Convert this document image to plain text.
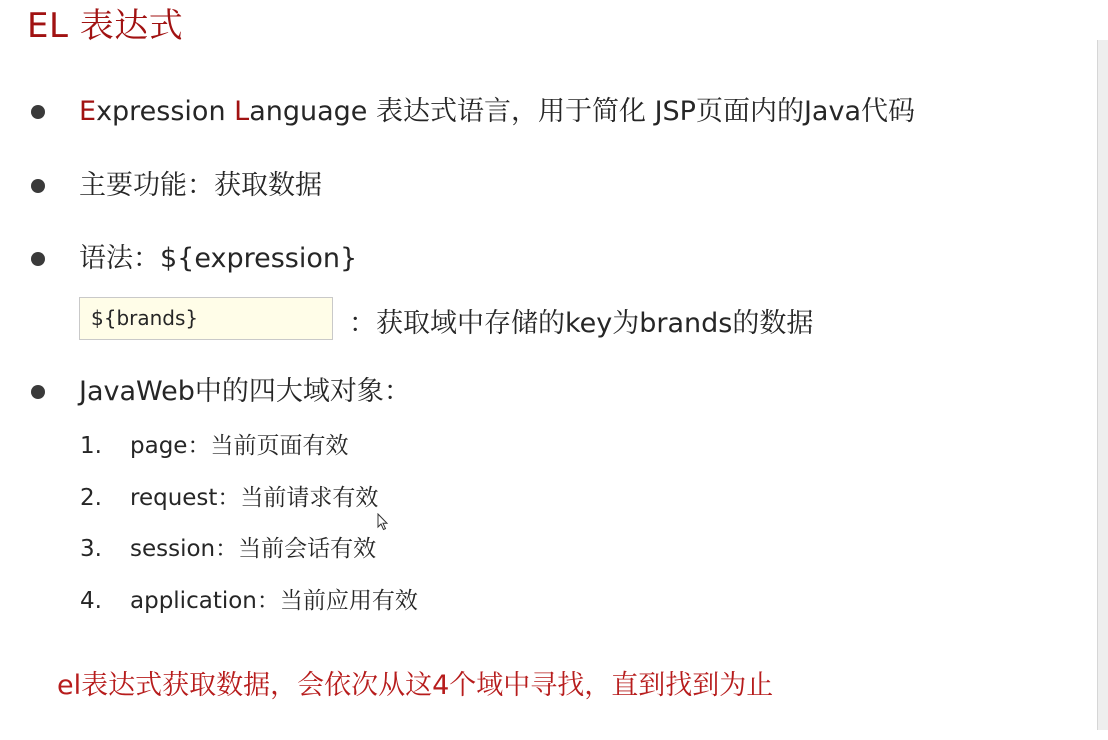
EL 表达式
Expression Language 表达式语言，用于简化 JSP页面内的Java代码
主要功能：获取数据
语法：${expression}
${brands}	：获取域中存储的key为brands的数据
JavaWeb中的四大域对象：
1. page：当前页面有效
2. request：当前请求有效
3. session：当前会话有效
4. application：当前应用有效
el表达式获取数据，会依次从这4个域中寻找，直到找到为止
